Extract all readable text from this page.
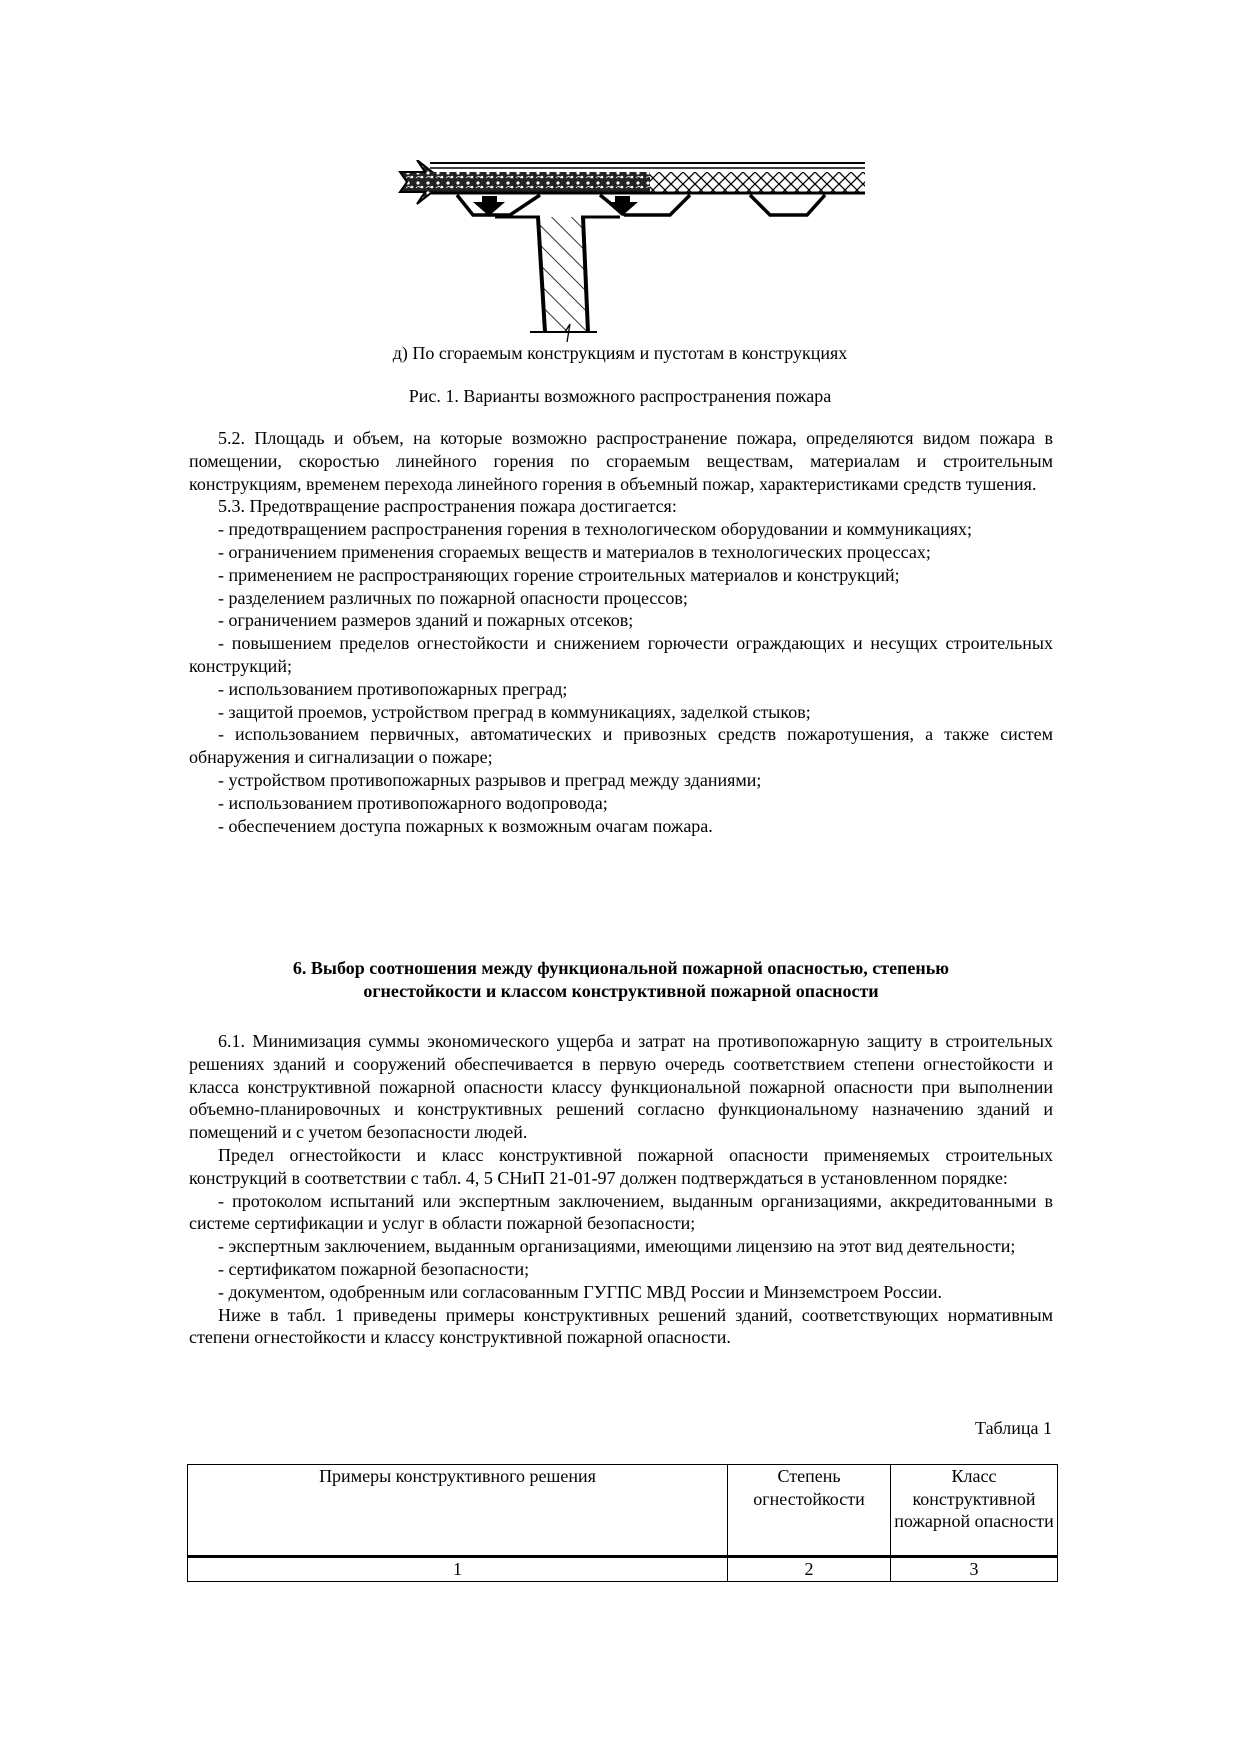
д) По сгораемым конструкциям и пустотам в конструкциях
Рис. 1. Варианты возможного распространения пожара

5.2. Площадь и объем, на которые возможно распространение пожара, определяются видом пожара в помещении, скоростью линейного горения по сгораемым веществам, материалам и строительным конструкциям, временем перехода линейного горения в объемный пожар, характеристиками средств тушения.

5.3. Предотвращение распространения пожара достигается:

- предотвращением распространения горения в технологическом оборудовании и коммуникациях;

- ограничением применения сгораемых веществ и материалов в технологических процессах;

- применением не распространяющих горение строительных материалов и конструкций;

- разделением различных по пожарной опасности процессов;

- ограничением размеров зданий и пожарных отсеков;

- повышением пределов огнестойкости и снижением горючести ограждающих и несущих строительных конструкций;

- использованием противопожарных преград;

- защитой проемов, устройством преград в коммуникациях, заделкой стыков;

- использованием первичных, автоматических и привозных средств пожаротушения, а также систем обнаружения и сигнализации о пожаре;

- устройством противопожарных разрывов и преград между зданиями;

- использованием противопожарного водопровода;

- обеспечением доступа пожарных к возможным очагам пожара.

6. Выбор соотношения между функциональной пожарной опасностью, степенью
огнестойкости и классом конструктивной пожарной опасности

6.1. Минимизация суммы экономического ущерба и затрат на противопожарную защиту в строительных решениях зданий и сооружений обеспечивается в первую очередь соответствием степени огнестойкости и класса конструктивной пожарной опасности классу функциональной пожарной опасности при выполнении объемно-планировочных и конструктивных решений согласно функциональному назначению зданий и помещений и с учетом безопасности людей.

Предел огнестойкости и класс конструктивной пожарной опасности применяемых строительных конструкций в соответствии с табл. 4, 5 СНиП 21-01-97 должен подтверждаться в установленном порядке:

- протоколом испытаний или экспертным заключением, выданным организациями, аккредитованными в системе сертификации и услуг в области пожарной безопасности;

- экспертным заключением, выданным организациями, имеющими лицензию на этот вид деятельности;

- сертификатом пожарной безопасности;

- документом, одобренным или согласованным ГУГПС МВД России и Минземстроем России.

Ниже в табл. 1 приведены примеры конструктивных решений зданий, соответствующих нормативным степени огнестойкости и классу конструктивной пожарной опасности.

Таблица 1
Примеры конструктивного решения	Степень огнестойкости	Класс конструктивной пожарной опасности
1	2	3
